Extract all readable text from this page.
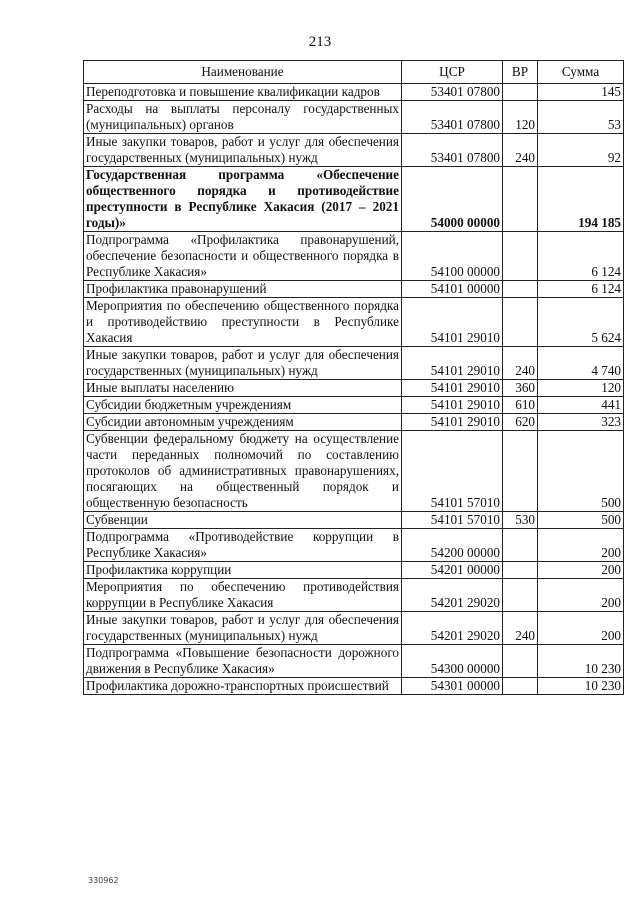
213
Наименование	ЦСР	ВР	Сумма
Переподготовка и повышение квалификации кадров	53401 07800		145
Расходы на выплаты персоналу государственных (муниципальных) органов	53401 07800	120	53
Иные закупки товаров, работ и услуг для обеспечения государственных (муниципальных) нужд	53401 07800	240	92
Государственная программа «Обеспечение общественного порядка и противодействие преступности в Республике Хакасия (2017 – 2021 годы)»	54000 00000		194 185
Подпрограмма «Профилактика правонарушений, обеспечение безопасности и общественного порядка в Республике Хакасия»	54100 00000		6 124
Профилактика правонарушений	54101 00000		6 124
Мероприятия по обеспечению общественного порядка и противодействию преступности в Республике Хакасия	54101 29010		5 624
Иные закупки товаров, работ и услуг для обеспечения государственных (муниципальных) нужд	54101 29010	240	4 740
Иные выплаты населению	54101 29010	360	120
Субсидии бюджетным учреждениям	54101 29010	610	441
Субсидии автономным учреждениям	54101 29010	620	323
Субвенции федеральному бюджету на осуществление части переданных полномочий по составлению протоколов об административных правонарушениях, посягающих на общественный порядок и общественную безопасность	54101 57010		500
Субвенции	54101 57010	530	500
Подпрограмма «Противодействие коррупции в Республике Хакасия»	54200 00000		200
Профилактика коррупции	54201 00000		200
Мероприятия по обеспечению противодействия коррупции в Республике Хакасия	54201 29020		200
Иные закупки товаров, работ и услуг для обеспечения государственных (муниципальных) нужд	54201 29020	240	200
Подпрограмма «Повышение безопасности дорожного движения в Республике Хакасия»	54300 00000		10 230
Профилактика дорожно-транспортных происшествий	54301 00000		10 230
330962
